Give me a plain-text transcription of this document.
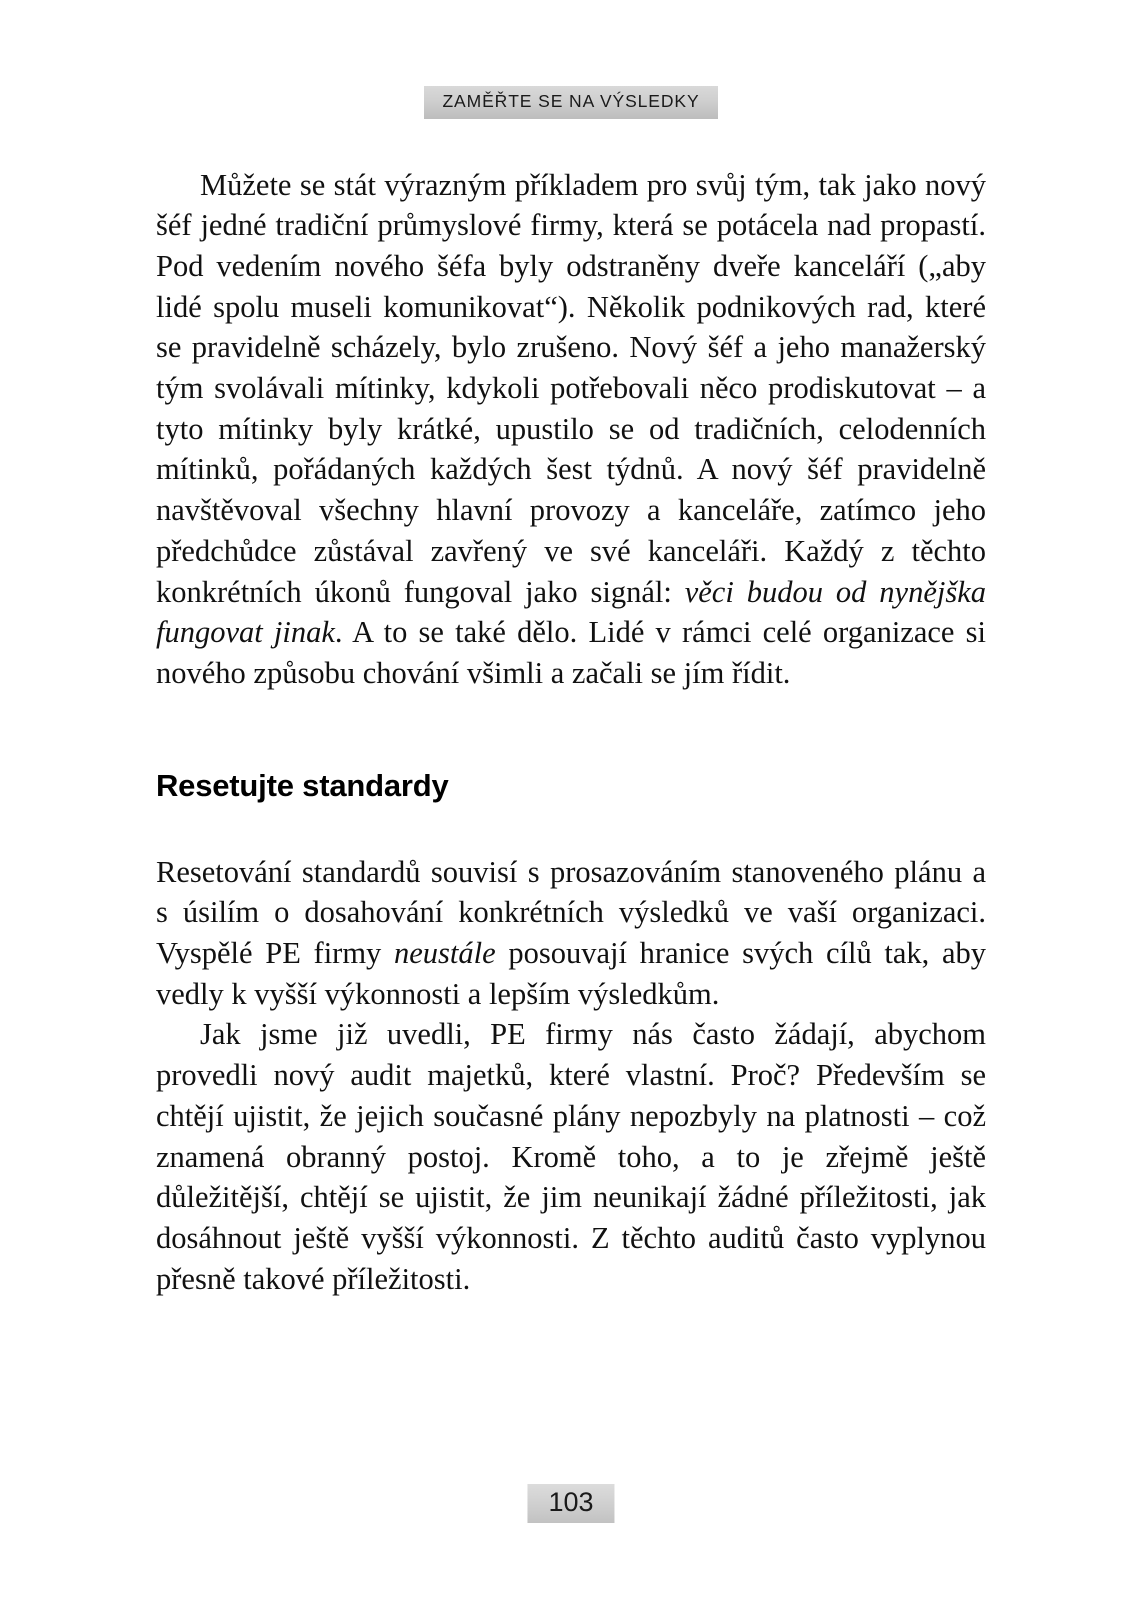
ZAMĚŘTE SE NA VÝSLEDKY

Můžete se stát výrazným příkladem pro svůj tým, tak jako nový šéf jedné tradiční průmyslové firmy, která se potácela nad propastí. Pod vedením nového šéfa byly odstraněny dveře kanceláří („aby lidé spolu museli komunikovat“). Několik podnikových rad, které se pravidelně scházely, bylo zrušeno. Nový šéf a jeho manažerský tým svolávali mítinky, kdykoli potřebovali něco prodiskutovat – a tyto mítinky byly krátké, upustilo se od tradičních, celodenních mítinků, pořádaných každých šest týdnů. A nový šéf pravidelně navštěvoval všechny hlavní provozy a kanceláře, zatímco jeho předchůdce zůstával zavřený ve své kanceláři. Každý z těchto konkrétních úkonů fungoval jako signál: věci budou od nynějška fungovat jinak. A to se také dělo. Lidé v rámci celé organizace si nového způsobu chování všimli a začali se jím řídit.

Resetujte standardy

Resetování standardů souvisí s prosazováním stanoveného plánu a s úsilím o dosahování konkrétních výsledků ve vaší organizaci. Vyspělé PE firmy neustále posouvají hranice svých cílů tak, aby vedly k vyšší výkonnosti a lepším výsledkům.

Jak jsme již uvedli, PE firmy nás často žádají, abychom provedli nový audit majetků, které vlastní. Proč? Především se chtějí ujistit, že jejich současné plány nepozbyly na platnosti – což znamená obranný postoj. Kromě toho, a to je zřejmě ještě důležitější, chtějí se ujistit, že jim neunikají žádné příležitosti, jak dosáhnout ještě vyšší výkonnosti. Z těchto auditů často vyplynou přesně takové příležitosti.

103
